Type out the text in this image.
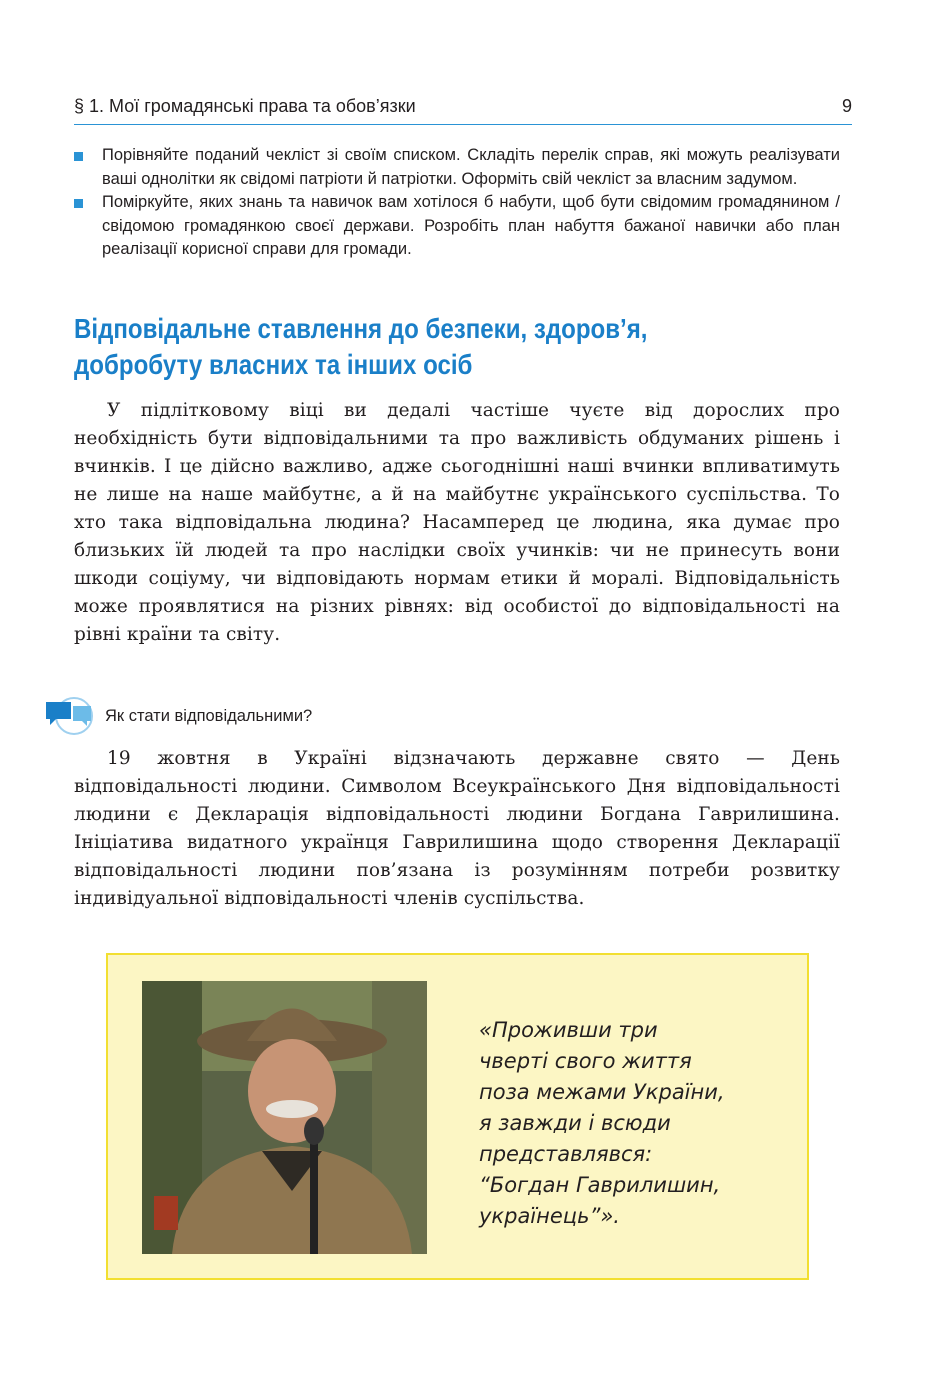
§ 1. Мої громадянські права та обов’язки	9
Порівняйте поданий чекліст зі своїм списком. Складіть перелік справ, які можуть реалізувати ваші однолітки як свідомі патріоти й патріотки. Оформіть свій чекліст за власним задумом.
Поміркуйте, яких знань та навичок вам хотілося б набути, щоб бути свідомим громадянином / свідомою громадянкою своєї держави. Розробіть план набуття бажаної навички або план реалізації корисної справи для громади.
Відповідальне ставлення до безпеки, здоров’я,
добробуту власних та інших осіб
У підлітковому віці ви дедалі частіше чуєте від дорослих про необхідність бути відповідальними та про важливість обдуманих рішень і вчинків. І це дійсно важливо, адже сьогоднішні наші вчинки впливатимуть не лише на наше майбутнє, а й на майбутнє українського суспільства. То хто така відповідальна людина? Насамперед це людина, яка думає про близьких їй людей та про наслідки своїх учинків: чи не принесуть вони шкоди соціуму, чи відповідають нормам етики й моралі. Відповідальність може проявлятися на різних рівнях: від особистої до відповідальності на рівні країни та світу.
Як стати відповідальними?
19 жовтня в Україні відзначають державне свято — День відповідальності людини. Символом Всеукраїнського Дня відповідальності людини є Декларація відповідальності людини Богдана Гаврилишина. Ініціатива видатного українця Гаврилишина щодо створення Декларації відповідальності людини пов’язана із розумінням потреби розвитку індивідуальної відповідальності членів суспільства.
«Проживши три
чверті свого життя
поза межами України,
я завжди і всюди
представлявся:
“Богдан Гаврилишин,
українець”».
